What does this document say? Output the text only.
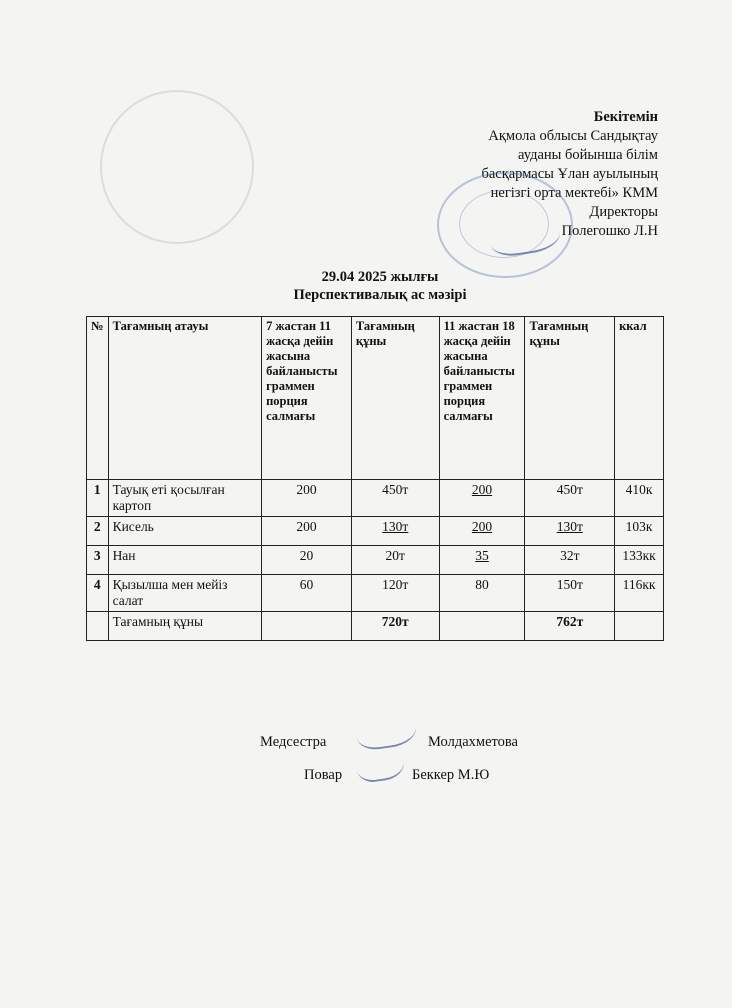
Бекітемін
Ақмола облысы Сандықтау
ауданы бойынша білім
басқармасы Ұлан ауылының
негізгі орта мектебі» КММ
Директоры
Полегошко Л.Н
29.04 2025 жылғы
Перспективалық ас мәзірі
№	Тағамның атауы	7 жастан 11 жасқа дейін жасына байланысты граммен порция салмағы	Тағамның құны	11 жастан 18 жасқа дейін жасына байланысты граммен порция салмағы	Тағамның құны	ккал
1	Тауық еті қосылған картоп	200	450т	200	450т	410к
2	Кисель	200	130т	200	130т	103к
3	Нан	20	20т	35	32т	133кк
4	Қызылша мен мейіз салат	60	120т	80	150т	116кк
	Тағамның құны		720т		762т	
Медсестра	Молдахметова
Повар	Беккер М.Ю
